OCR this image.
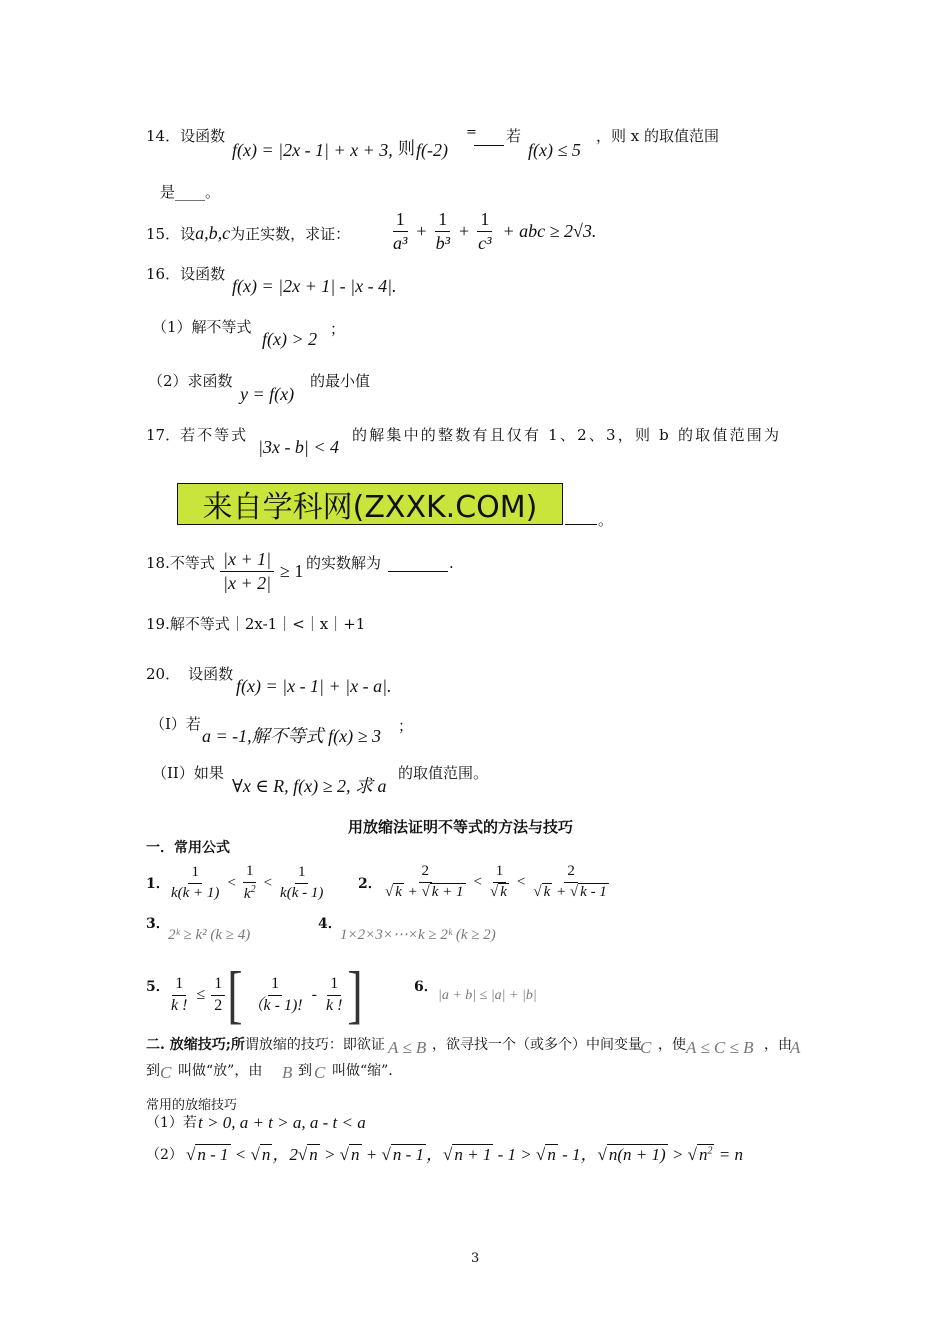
14．设函数
f(x) = |2x - 1| + x + 3, 则 f(-2)
= 若
f(x) ≤ 5
，则 x 的取值范围
是____。
15．设a,b,c为正实数，求证： $\frac{1}{\text{a³}} + \frac{1}{\text{b³}} + \frac{1}{\text{c³}}$ + abc ≥ 2√3.
16．设函数
f(x) = |2x + 1| - |x - 4|.
（1）解不等式
f(x) > 2 ；
（2）求函数
y = f(x)
的最小值
17．若不等式
|3x - b| < 4
的解集中的整数有且仅有 1、2、3，则 b 的取值范围为
来自学科网(ZXXK.COM)	。
18.不等式 $\frac{|x + 1|}{|x + 2|} \ge 1$ 的实数解为	.
19.解不等式｜2x-1｜<｜x｜+1
20． 设函数
f(x) = |x - 1| + |x - a|.
（I）若
a = -1,解不等式 f(x) ≥ 3 ；
（II）如果
∀x ∈ R, f(x) ≥ 2, 求 a
的取值范围。
用放缩法证明不等式的方法与技巧
一．常用公式
1．
$\frac{1}{k(k + 1)} < \frac{1}{k^2} < \frac{1}{k(k - 1)} 2$． $\frac{2}{√ k + √ k + 1} < \frac{1}{√ k} < \frac{2}{√ k + √ k - 1}$
3．
2ᵏ ≥ k² (k ≥ 4)
4．
1×2×3×⋯×k ≥ 2ᵏ (k ≥ 2)
5．
$\frac{1}{k !} \le \frac{1}{2}$ [ $\frac{1}{(k - 1)!} - \frac{1}{k !}$ ]	6．
|a + b| ≤ |a| + |b|
二. 放缩技巧;所谓放缩的技巧：即欲证 A ≤ B ，欲寻找一个（或多个）中间变量
C ，使 A ≤ C ≤ B ，由
A
到 C 叫做“放”，由 B 到 C 叫做“缩”．
常用的放缩技巧
（1）若 t > 0, a + t > a, a - t < a
（2） √ n - 1 < √ n ，2√ n > √ n + √ n - 1 ，√ n + 1 - 1 > √ n - 1，√ n(n + 1) > √ $n^2 = n$
3
